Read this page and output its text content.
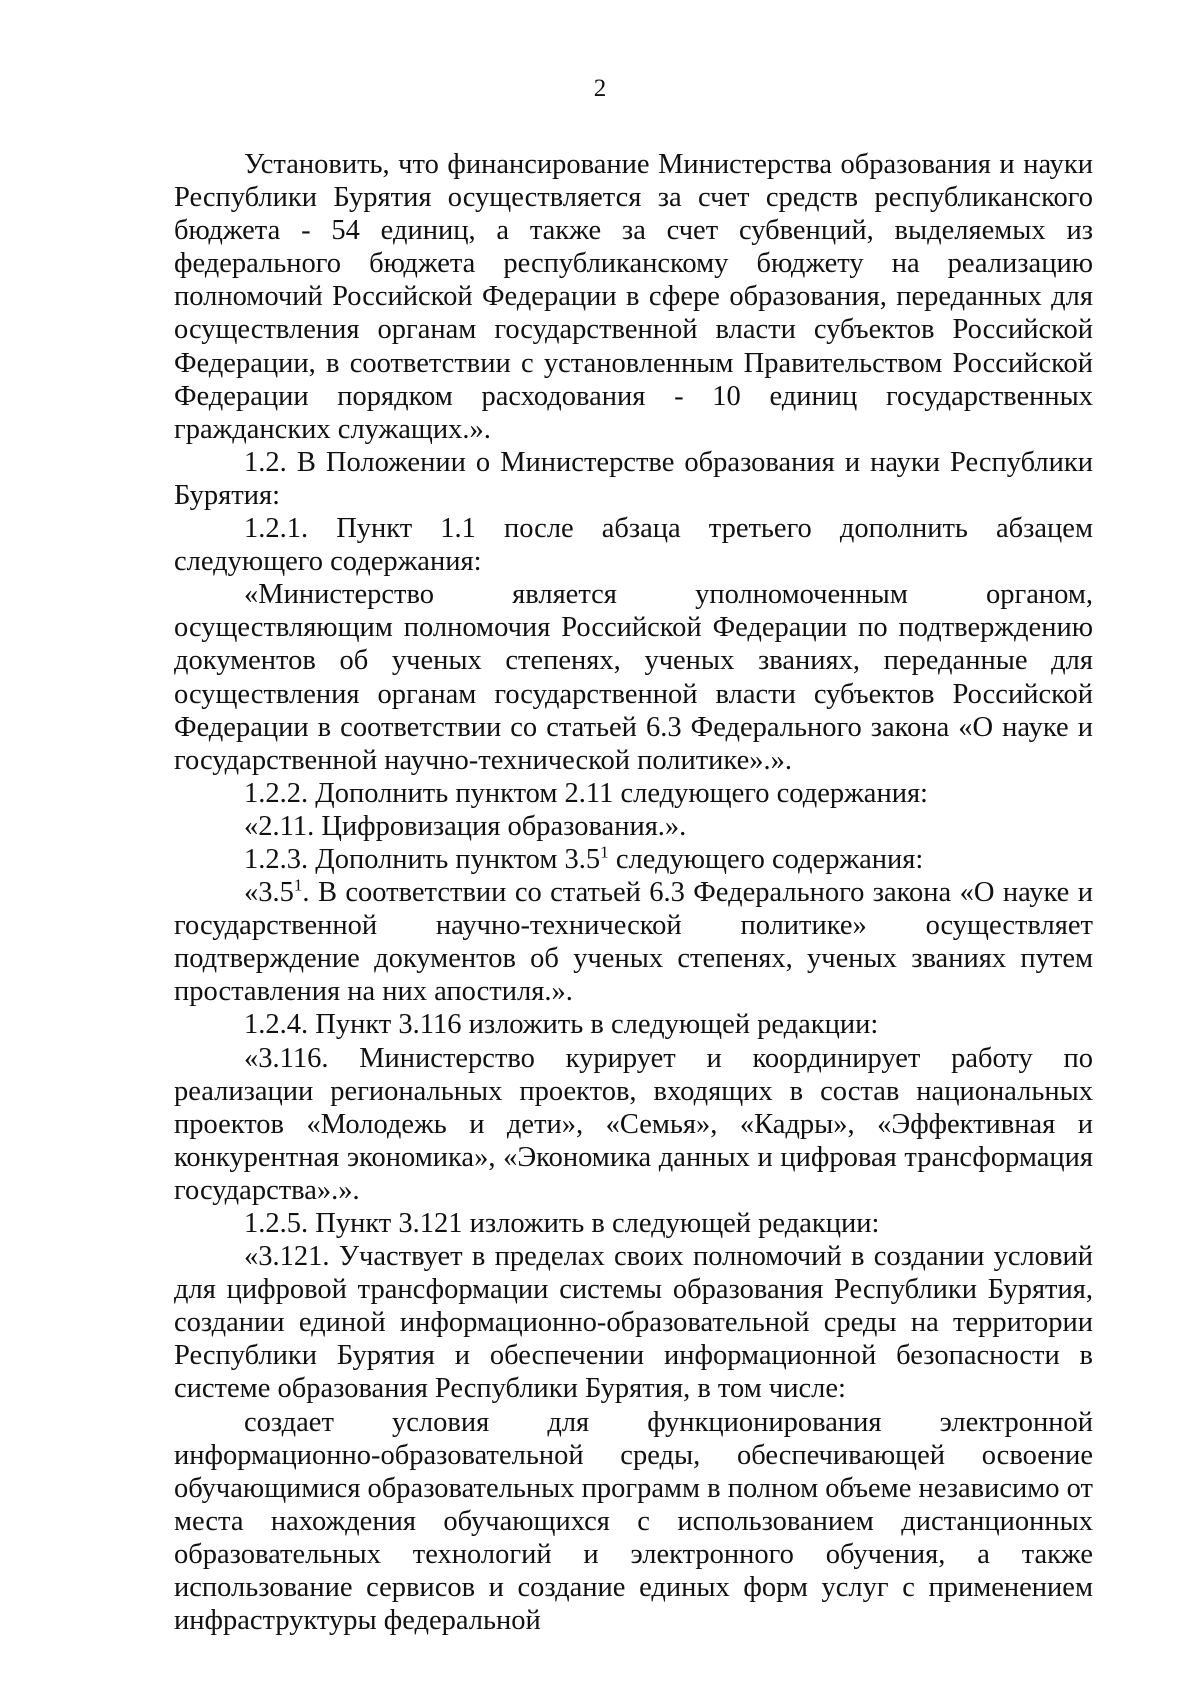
2

Установить, что финансирование Министерства образования и науки Республики Бурятия осуществляется за счет средств республиканского бюджета - 54 единиц, а также за счет субвенций, выделяемых из федерального бюджета республиканскому бюджету на реализацию полномочий Российской Федерации в сфере образования, переданных для осуществления органам государственной власти субъектов Российской Федерации, в соответствии с установленным Правительством Российской Федерации порядком расходования - 10 единиц государственных гражданских служащих.».

1.2. В Положении о Министерстве образования и науки Республики Бурятия:

1.2.1. Пункт 1.1 после абзаца третьего дополнить абзацем следующего содержания:

«Министерство является уполномоченным органом, осуществляющим полномочия Российской Федерации по подтверждению документов об ученых степенях, ученых званиях, переданные для осуществления органам государственной власти субъектов Российской Федерации в соответствии со статьей 6.3 Федерального закона «О науке и государственной научно-технической политике».».

1.2.2. Дополнить пунктом 2.11 следующего содержания:

«2.11. Цифровизация образования.».

1.2.3. Дополнить пунктом $3.5^1$ следующего содержания:

«$3.5^1$. В соответствии со статьей 6.3 Федерального закона «О науке и государственной научно-технической политике» осуществляет подтверждение документов об ученых степенях, ученых званиях путем проставления на них апостиля.».

1.2.4. Пункт 3.116 изложить в следующей редакции:

«3.116. Министерство курирует и координирует работу по реализации региональных проектов, входящих в состав национальных проектов «Молодежь и дети», «Семья», «Кадры», «Эффективная и конкурентная экономика», «Экономика данных и цифровая трансформация государства».».

1.2.5. Пункт 3.121 изложить в следующей редакции:

«3.121. Участвует в пределах своих полномочий в создании условий для цифровой трансформации системы образования Республики Бурятия, создании единой информационно-образовательной среды на территории Республики Бурятия и обеспечении информационной безопасности в системе образования Республики Бурятия, в том числе:

создает условия для функционирования электронной информационно-образовательной среды, обеспечивающей освоение обучающимися образовательных программ в полном объеме независимо от места нахождения обучающихся с использованием дистанционных образовательных технологий и электронного обучения, а также использование сервисов и создание единых форм услуг с применением инфраструктуры федеральной
